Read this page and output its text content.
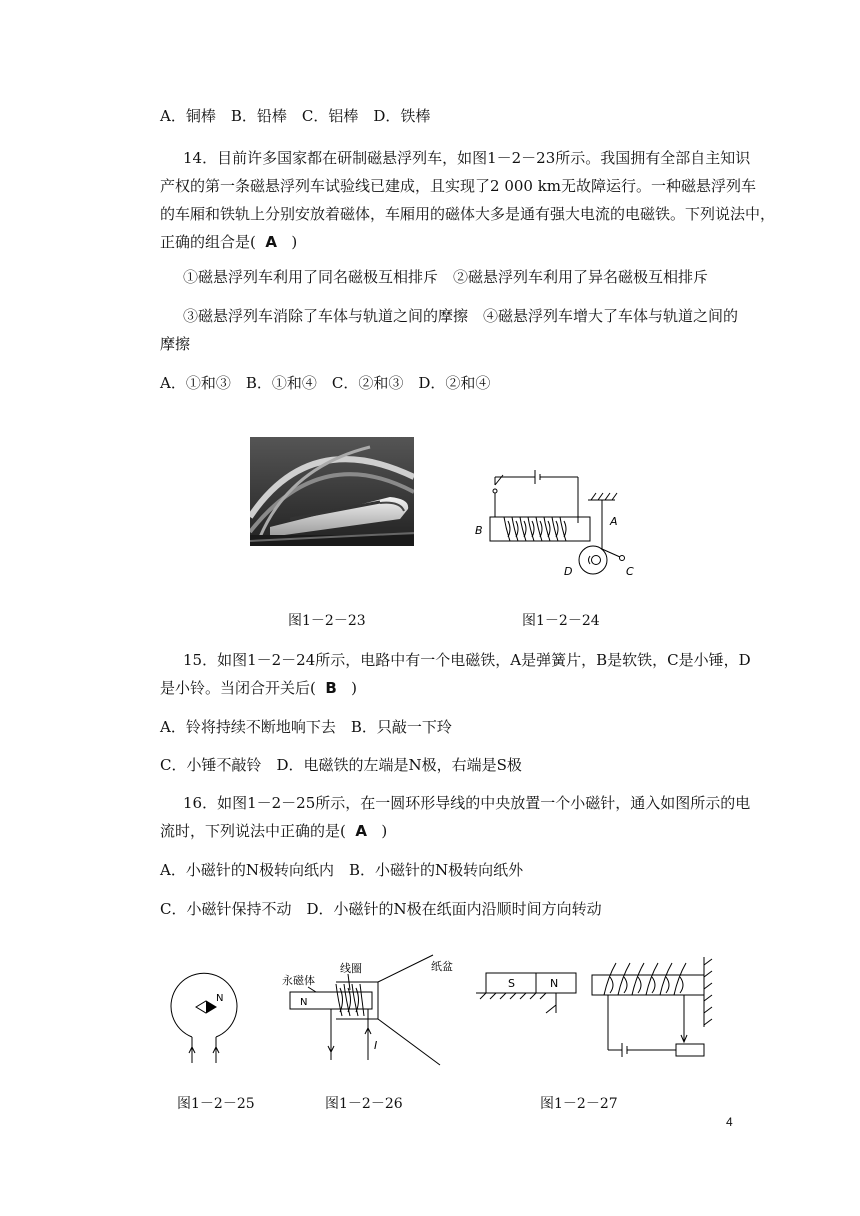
A．铜棒　B．铅棒　C．铝棒　D．铁棒
14．目前许多国家都在研制磁悬浮列车，如图1－2－23所示。我国拥有全部自主知识
产权的第一条磁悬浮列车试验线已建成，且实现了2 000 km无故障运行。一种磁悬浮列车
的车厢和铁轨上分别安放着磁体，车厢用的磁体大多是通有强大电流的电磁铁。下列说法中，
正确的组合是( A )
①磁悬浮列车利用了同名磁极互相排斥　②磁悬浮列车利用了异名磁极互相排斥
③磁悬浮列车消除了车体与轨道之间的摩擦　④磁悬浮列车增大了车体与轨道之间的
摩擦
A．①和③　B．①和④　C．②和③　D．②和④
B
A
C
D
图1－2－23	图1－2－24
15．如图1－2－24所示，电路中有一个电磁铁，A是弹簧片，B是软铁，C是小锤，D
是小铃。当闭合开关后( B )
A．铃将持续不断地响下去　B．只敲一下玲
C．小锤不敲铃　D．电磁铁的左端是N极，右端是S极
16．如图1－2－25所示，在一圆环形导线的中央放置一个小磁针，通入如图所示的电
流时，下列说法中正确的是( A )
A．小磁针的N极转向纸内　B．小磁针的N极转向纸外
C．小磁针保持不动　D．小磁针的N极在纸面内沿顺时间方向转动
N
永磁体
线圈	纸盆
N
I
S	N
图1－2－25	图1－2－26	图1－2－27
4
